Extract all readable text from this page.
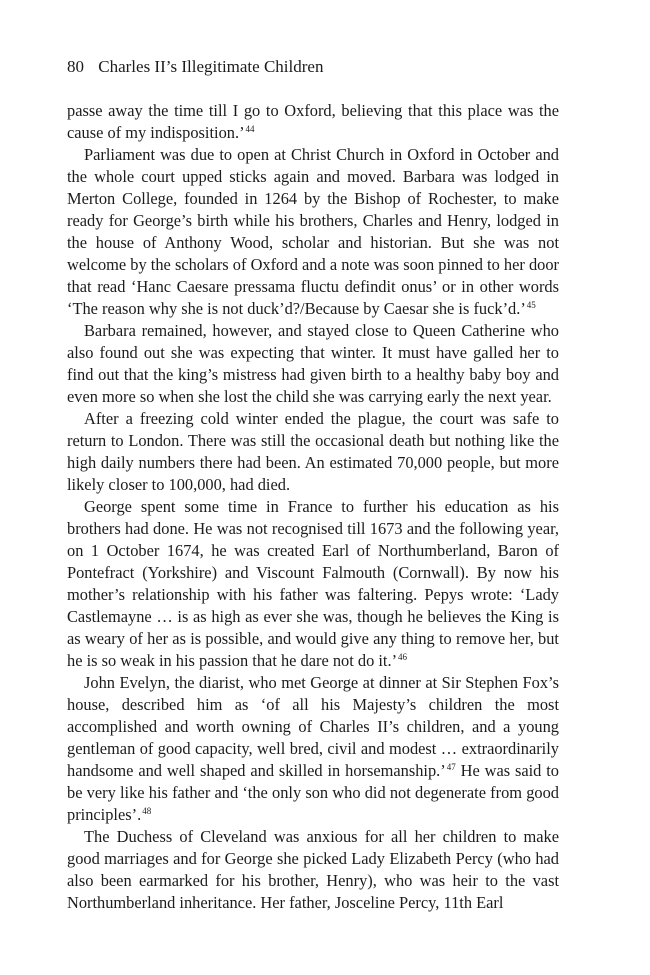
80 Charles II’s Illegitimate Children

passe away the time till I go to Oxford, believing that this place was the cause of my indisposition.’$^{44}$

Parliament was due to open at Christ Church in Oxford in October and the whole court upped sticks again and moved. Barbara was lodged in Merton College, founded in 1264 by the Bishop of Rochester, to make ready for George’s birth while his brothers, Charles and Henry, lodged in the house of Anthony Wood, scholar and historian. But she was not welcome by the scholars of Oxford and a note was soon pinned to her door that read ‘Hanc Caesare pressama fluctu defindit onus’ or in other words ‘The reason why she is not duck’d?/Because by Caesar she is fuck’d.’$^{45}$

Barbara remained, however, and stayed close to Queen Catherine who also found out she was expecting that winter. It must have galled her to find out that the king’s mistress had given birth to a healthy baby boy and even more so when she lost the child she was carrying early the next year.

After a freezing cold winter ended the plague, the court was safe to return to London. There was still the occasional death but nothing like the high daily numbers there had been. An estimated 70,000 people, but more likely closer to 100,000, had died.

George spent some time in France to further his education as his brothers had done. He was not recognised till 1673 and the following year, on 1 October 1674, he was created Earl of Northumberland, Baron of Pontefract (Yorkshire) and Viscount Falmouth (Cornwall). By now his mother’s relationship with his father was faltering. Pepys wrote: ‘Lady Castlemayne … is as high as ever she was, though he believes the King is as weary of her as is possible, and would give any thing to remove her, but he is so weak in his passion that he dare not do it.’$^{46}$

John Evelyn, the diarist, who met George at dinner at Sir Stephen Fox’s house, described him as ‘of all his Majesty’s children the most accomplished and worth owning of Charles II’s children, and a young gentleman of good capacity, well bred, civil and modest … extraordinarily handsome and well shaped and skilled in horsemanship.’$^{47}$ He was said to be very like his father and ‘the only son who did not degenerate from good principles’.$^{48}$

The Duchess of Cleveland was anxious for all her children to make good marriages and for George she picked Lady Elizabeth Percy (who had also been earmarked for his brother, Henry), who was heir to the vast Northumberland inheritance. Her father, Josceline Percy, 11th Earl
